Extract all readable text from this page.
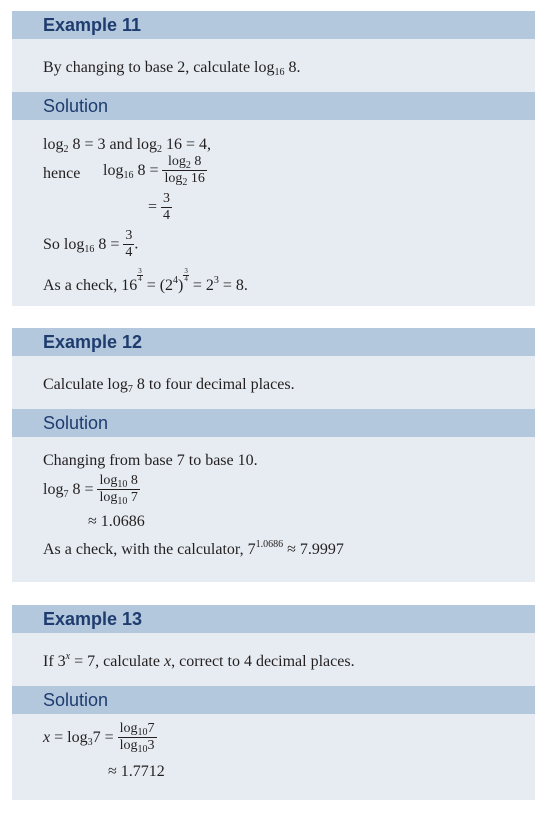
Example 11
By changing to base 2, calculate $\log_{16} 8$.
Solution
$\log_2 8 = 3$ and $\log_2 16 = 4$,
hence $\log_{16} 8 = \frac{\log_2 8}{\log_2 16}$
= $\frac{3}{4}$
So $\log_{16} 8 = \frac{3}{4}$ .
As a check, 16
$\frac{3}{4}$
= $(2^4)$
$\frac{3}{4}$
= $2^3 = 8$.
Example 12
Calculate $\log_7 8$ to four decimal places.
Solution
Changing from base 7 to base 10.
$\log_7 8 = \frac{\log_{10} 8}{\log_{10} 7}$
≈ 1.0686
As a check, with the calculator, $7^{1.0686} \approx 7.9997$
Example 13
If $3^x = 7$, calculate x, correct to 4 decimal places.
Solution
$x = \log_37 = \frac{\log_{10}7}{\log_{10}3}$
≈ 1.7712
